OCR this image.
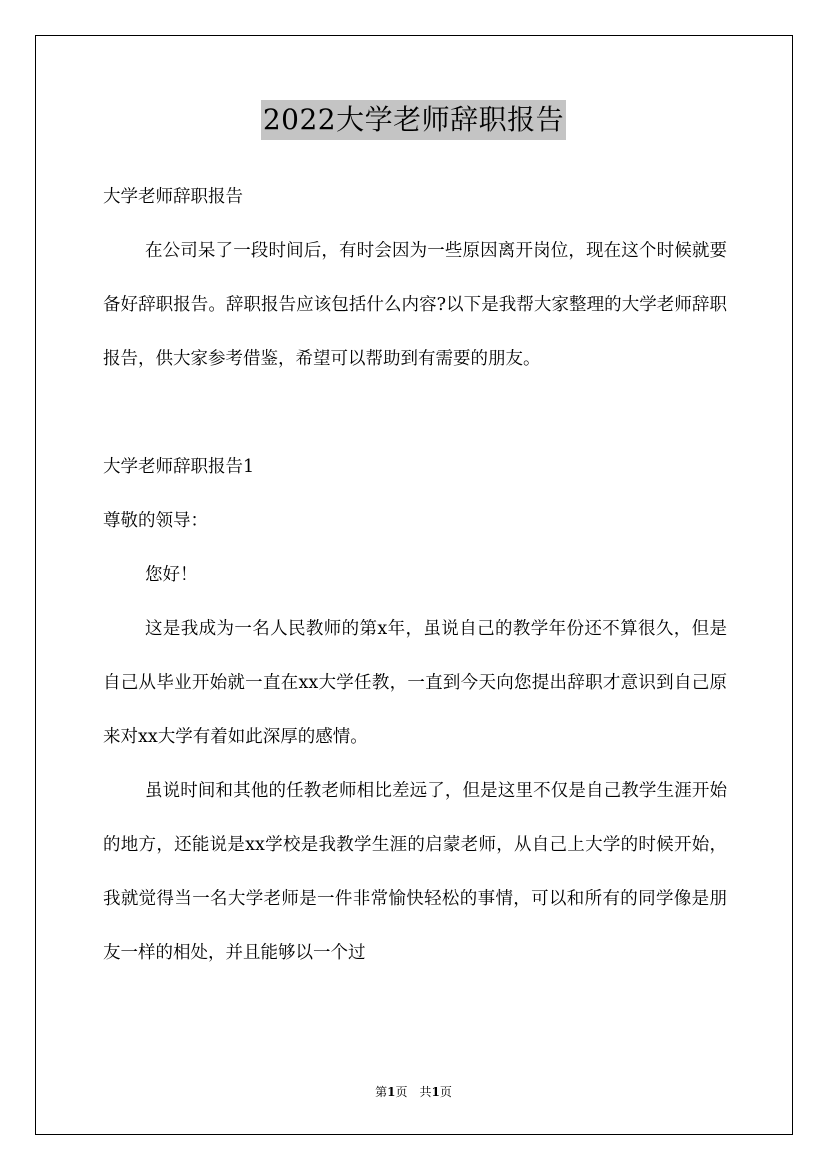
2022大学老师辞职报告

大学老师辞职报告

在公司呆了一段时间后，有时会因为一些原因离开岗位，现在这个时候就要备好辞职报告。辞职报告应该包括什么内容?以下是我帮大家整理的大学老师辞职报告，供大家参考借鉴，希望可以帮助到有需要的朋友。

大学老师辞职报告1

尊敬的领导：

您好！

这是我成为一名人民教师的第x年，虽说自己的教学年份还不算很久，但是自己从毕业开始就一直在xx大学任教，一直到今天向您提出辞职才意识到自己原来对xx大学有着如此深厚的感情。

虽说时间和其他的任教老师相比差远了，但是这里不仅是自己教学生涯开始的地方，还能说是xx学校是我教学生涯的启蒙老师，从自己上大学的时候开始，我就觉得当一名大学老师是一件非常愉快轻松的事情，可以和所有的同学像是朋友一样的相处，并且能够以一个过

第1页 共1页
